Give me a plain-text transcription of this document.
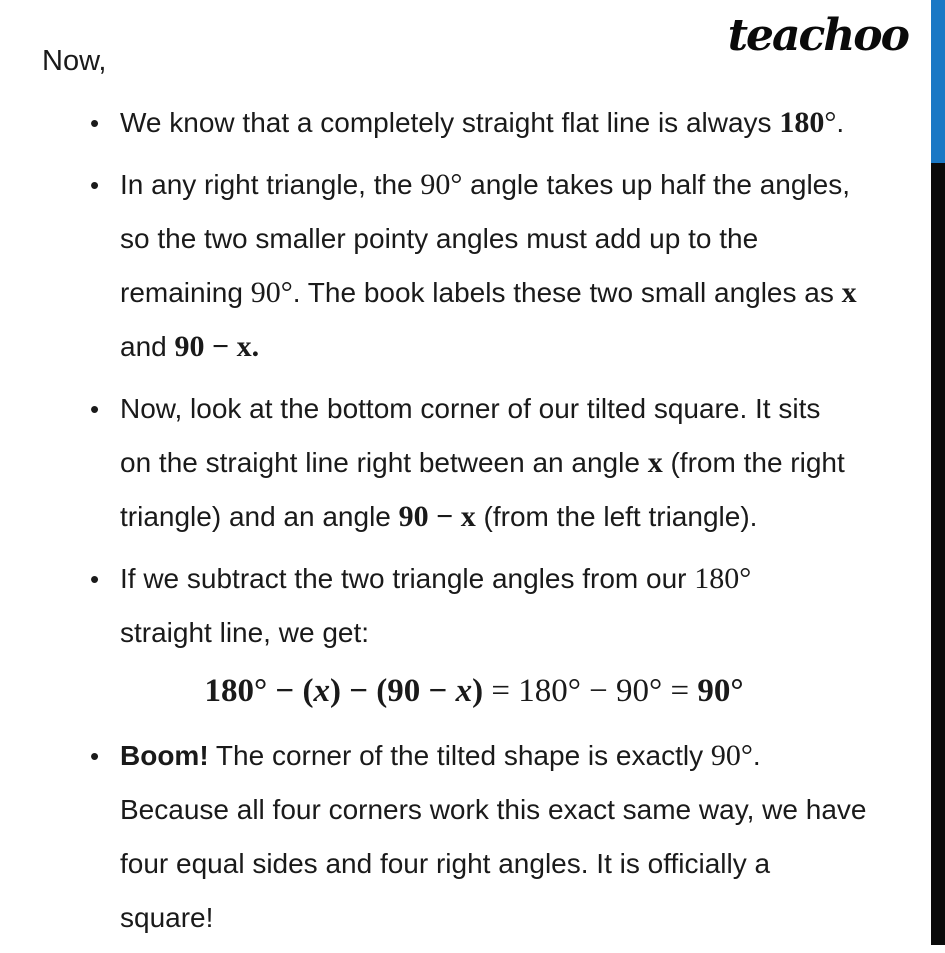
teachoo
Now,
• We know that a completely straight flat line is always 180°.
• In any right triangle, the 90° angle takes up half the angles,
so the two smaller pointy angles must add up to the
remaining 90°. The book labels these two small angles as x
and 90 − x.
• Now, look at the bottom corner of our tilted square. It sits
on the straight line right between an angle x (from the right
triangle) and an angle 90 − x (from the left triangle).
• If we subtract the two triangle angles from our 180°
straight line, we get:
180° − (x) − (90 − x) = 180° − 90° = 90°
• Boom! The corner of the tilted shape is exactly 90°.
Because all four corners work this exact same way, we have
four equal sides and four right angles. It is officially a
square!
